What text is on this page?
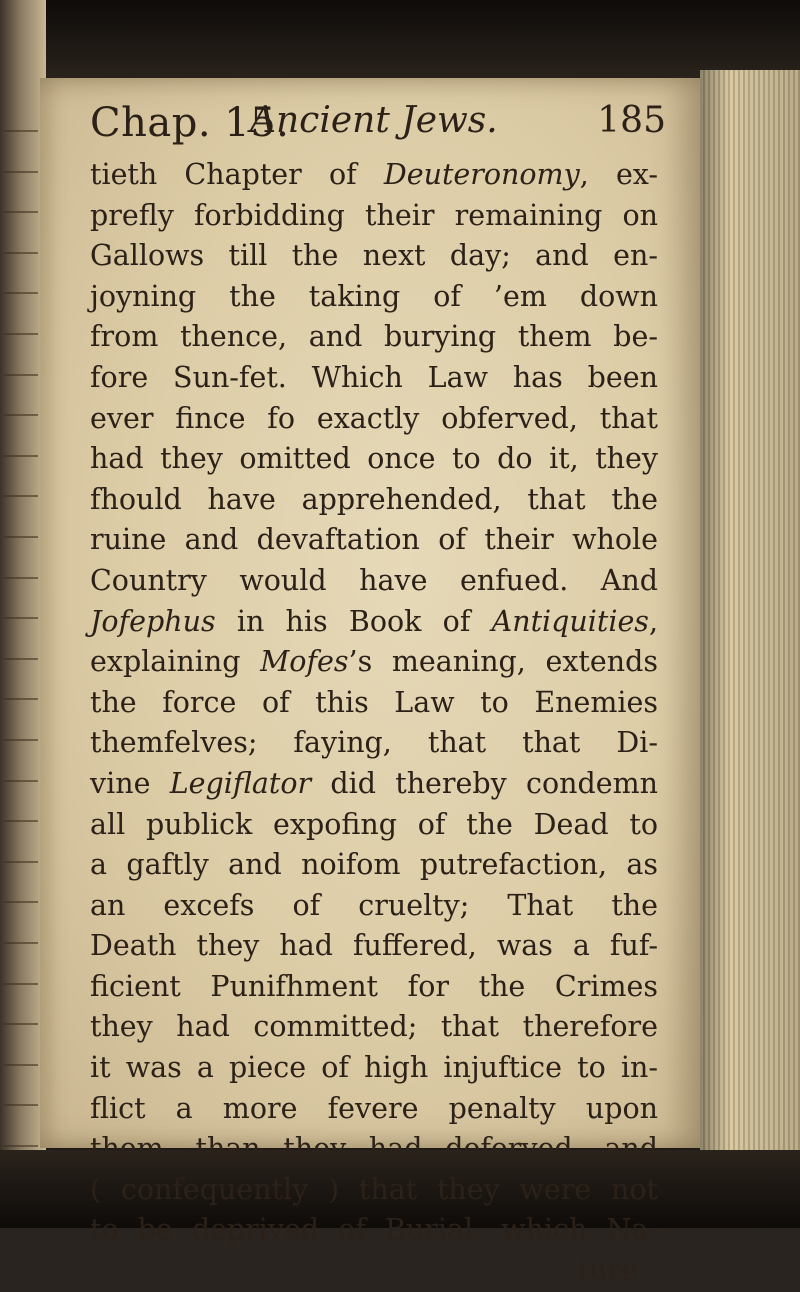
Chap. 15.
Ancient Jews.	185
tieth Chapter of Deuteronomy, ex-
prefly forbidding their remaining on
Gallows till the next day; and en-
joyning the taking of ’em down
from thence, and burying them be-
fore Sun-fet. Which Law has been
ever fince fo exactly obferved, that
had they omitted once to do it, they
fhould have apprehended, that the
ruine and devaftation of their whole
Country would have enfued. And
Jofephus in his Book of Antiquities,
explaining Mofes’s meaning, extends
the force of this Law to Enemies
themfelves; faying, that that Di-
vine Legiflator did thereby condemn
all publick expofing of the Dead to
a gaftly and noifom putrefaction, as
an excefs of cruelty; That the
Death they had fuffered, was a fuf-
ficient Punifhment for the Crimes
they had committed; that therefore
it was a piece of high injuftice to in-
flict a more fevere penalty upon
them, than they had deferved, and
( confequently ) that they were not
to be deprived of Burial, which Na-
ture
